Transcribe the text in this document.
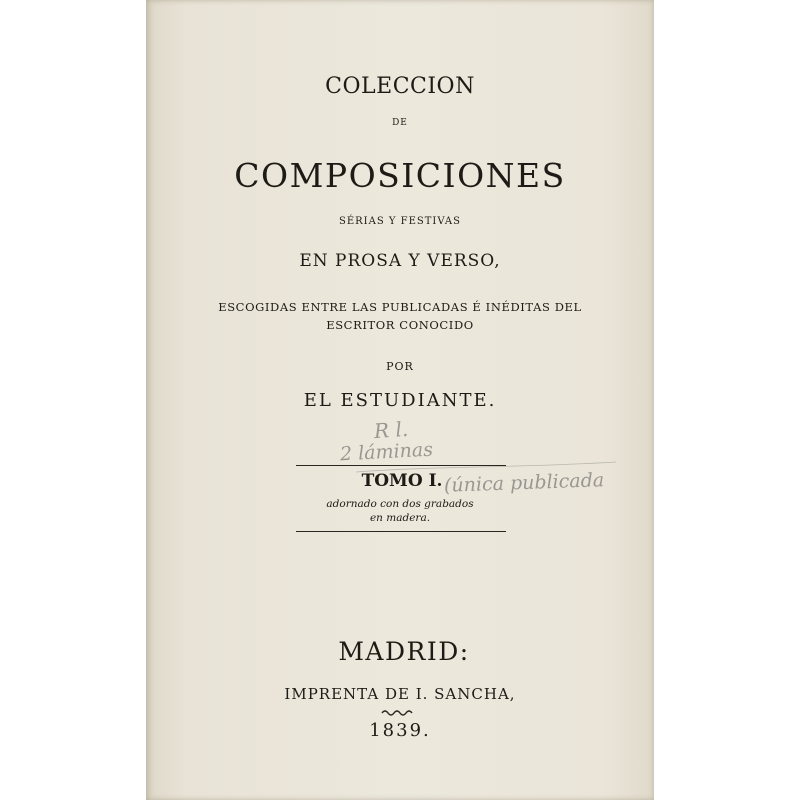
COLECCION
DE
COMPOSICIONES
SÉRIAS Y FESTIVAS
EN PROSA Y VERSO,
ESCOGIDAS ENTRE LAS PUBLICADAS É INÉDITAS DEL
ESCRITOR CONOCIDO
POR
EL ESTUDIANTE.
TOMO I.
adornado con dos grabados
en madera.
MADRID:
IMPRENTA DE I. SANCHA,
1839.
R l.
2 láminas
(única publicada
